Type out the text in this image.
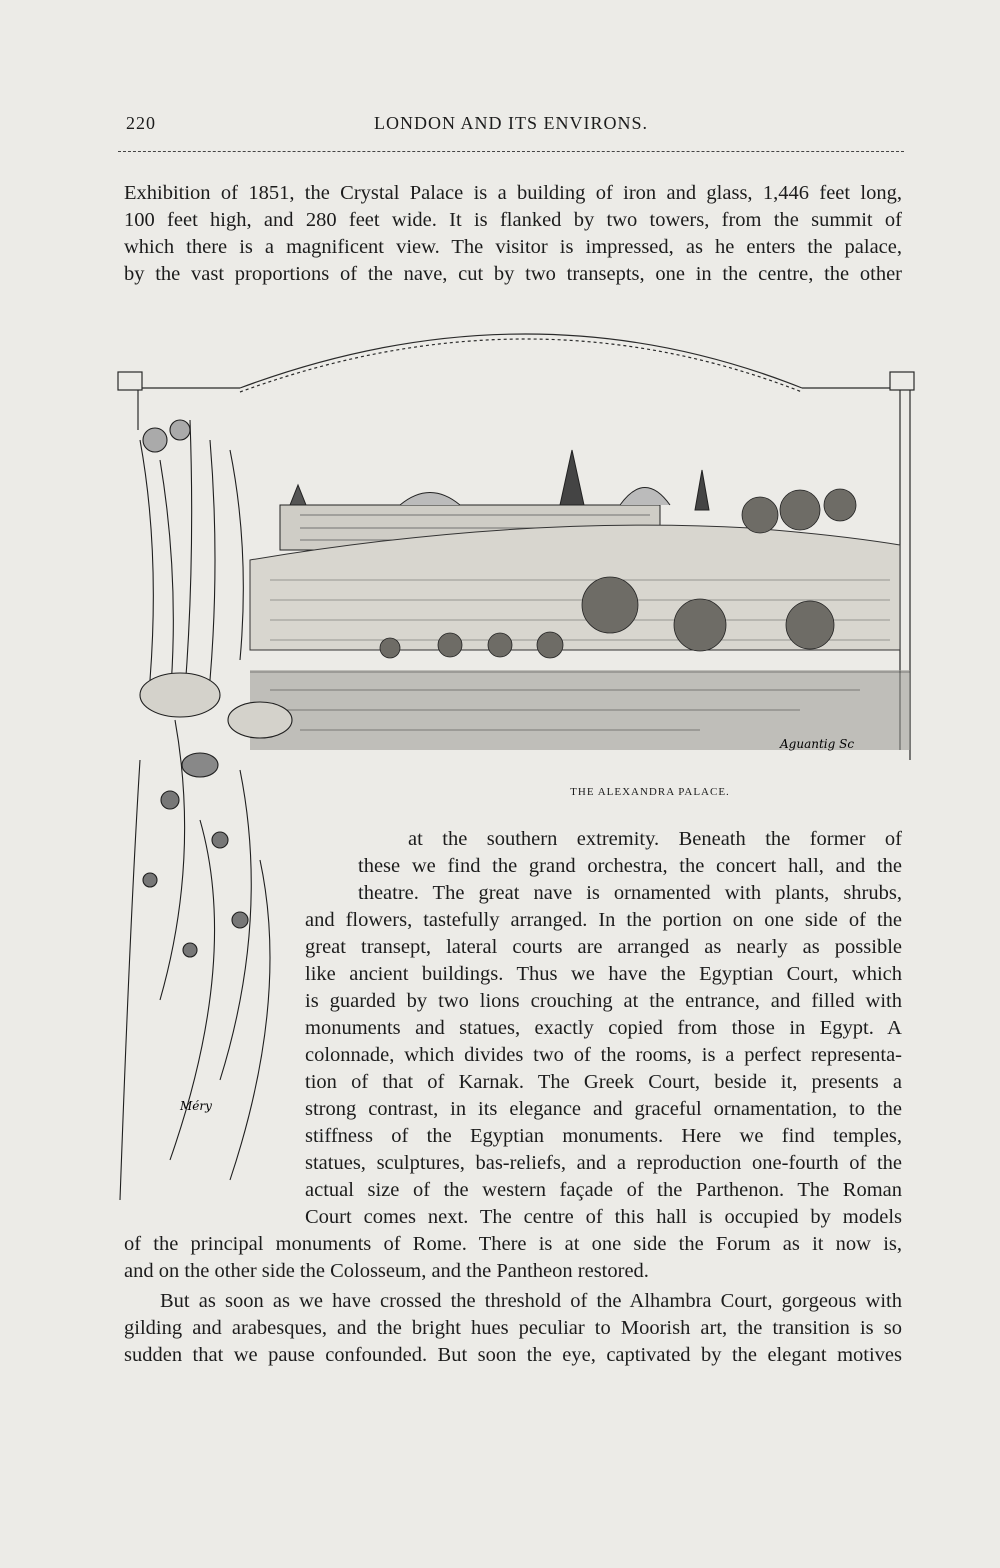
220	LONDON AND ITS ENVIRONS.
Aguantig Sc
Méry
THE ALEXANDRA PALACE.
Exhibition of 1851, the Crystal Palace is a building of iron and glass, 1,446 feet long,
100 feet high, and 280 feet wide. It is flanked by two towers, from the summit of
which there is a magnificent view. The visitor is impressed, as he enters the palace,
by the vast proportions of the nave, cut by two transepts, one in the centre, the other
at the southern extremity. Beneath the former of
these we find the grand orchestra, the concert hall, and the
theatre. The great nave is ornamented with plants, shrubs,
and flowers, tastefully arranged. In the portion on one side of the
great transept, lateral courts are arranged as nearly as possible
like ancient buildings. Thus we have the Egyptian Court, which
is guarded by two lions crouching at the entrance, and filled with
monuments and statues, exactly copied from those in Egypt. A
colonnade, which divides two of the rooms, is a perfect representa-
tion of that of Karnak. The Greek Court, beside it, presents a
strong contrast, in its elegance and graceful ornamentation, to the
stiffness of the Egyptian monuments. Here we find temples,
statues, sculptures, bas-reliefs, and a reproduction one-fourth of the
actual size of the western façade of the Parthenon. The Roman
Court comes next. The centre of this hall is occupied by models
of the principal monuments of Rome. There is at one side the Forum as it now is,
and on the other side the Colosseum, and the Pantheon restored.
But as soon as we have crossed the threshold of the Alhambra Court, gorgeous with
gilding and arabesques, and the bright hues peculiar to Moorish art, the transition is so
sudden that we pause confounded. But soon the eye, captivated by the elegant motives
